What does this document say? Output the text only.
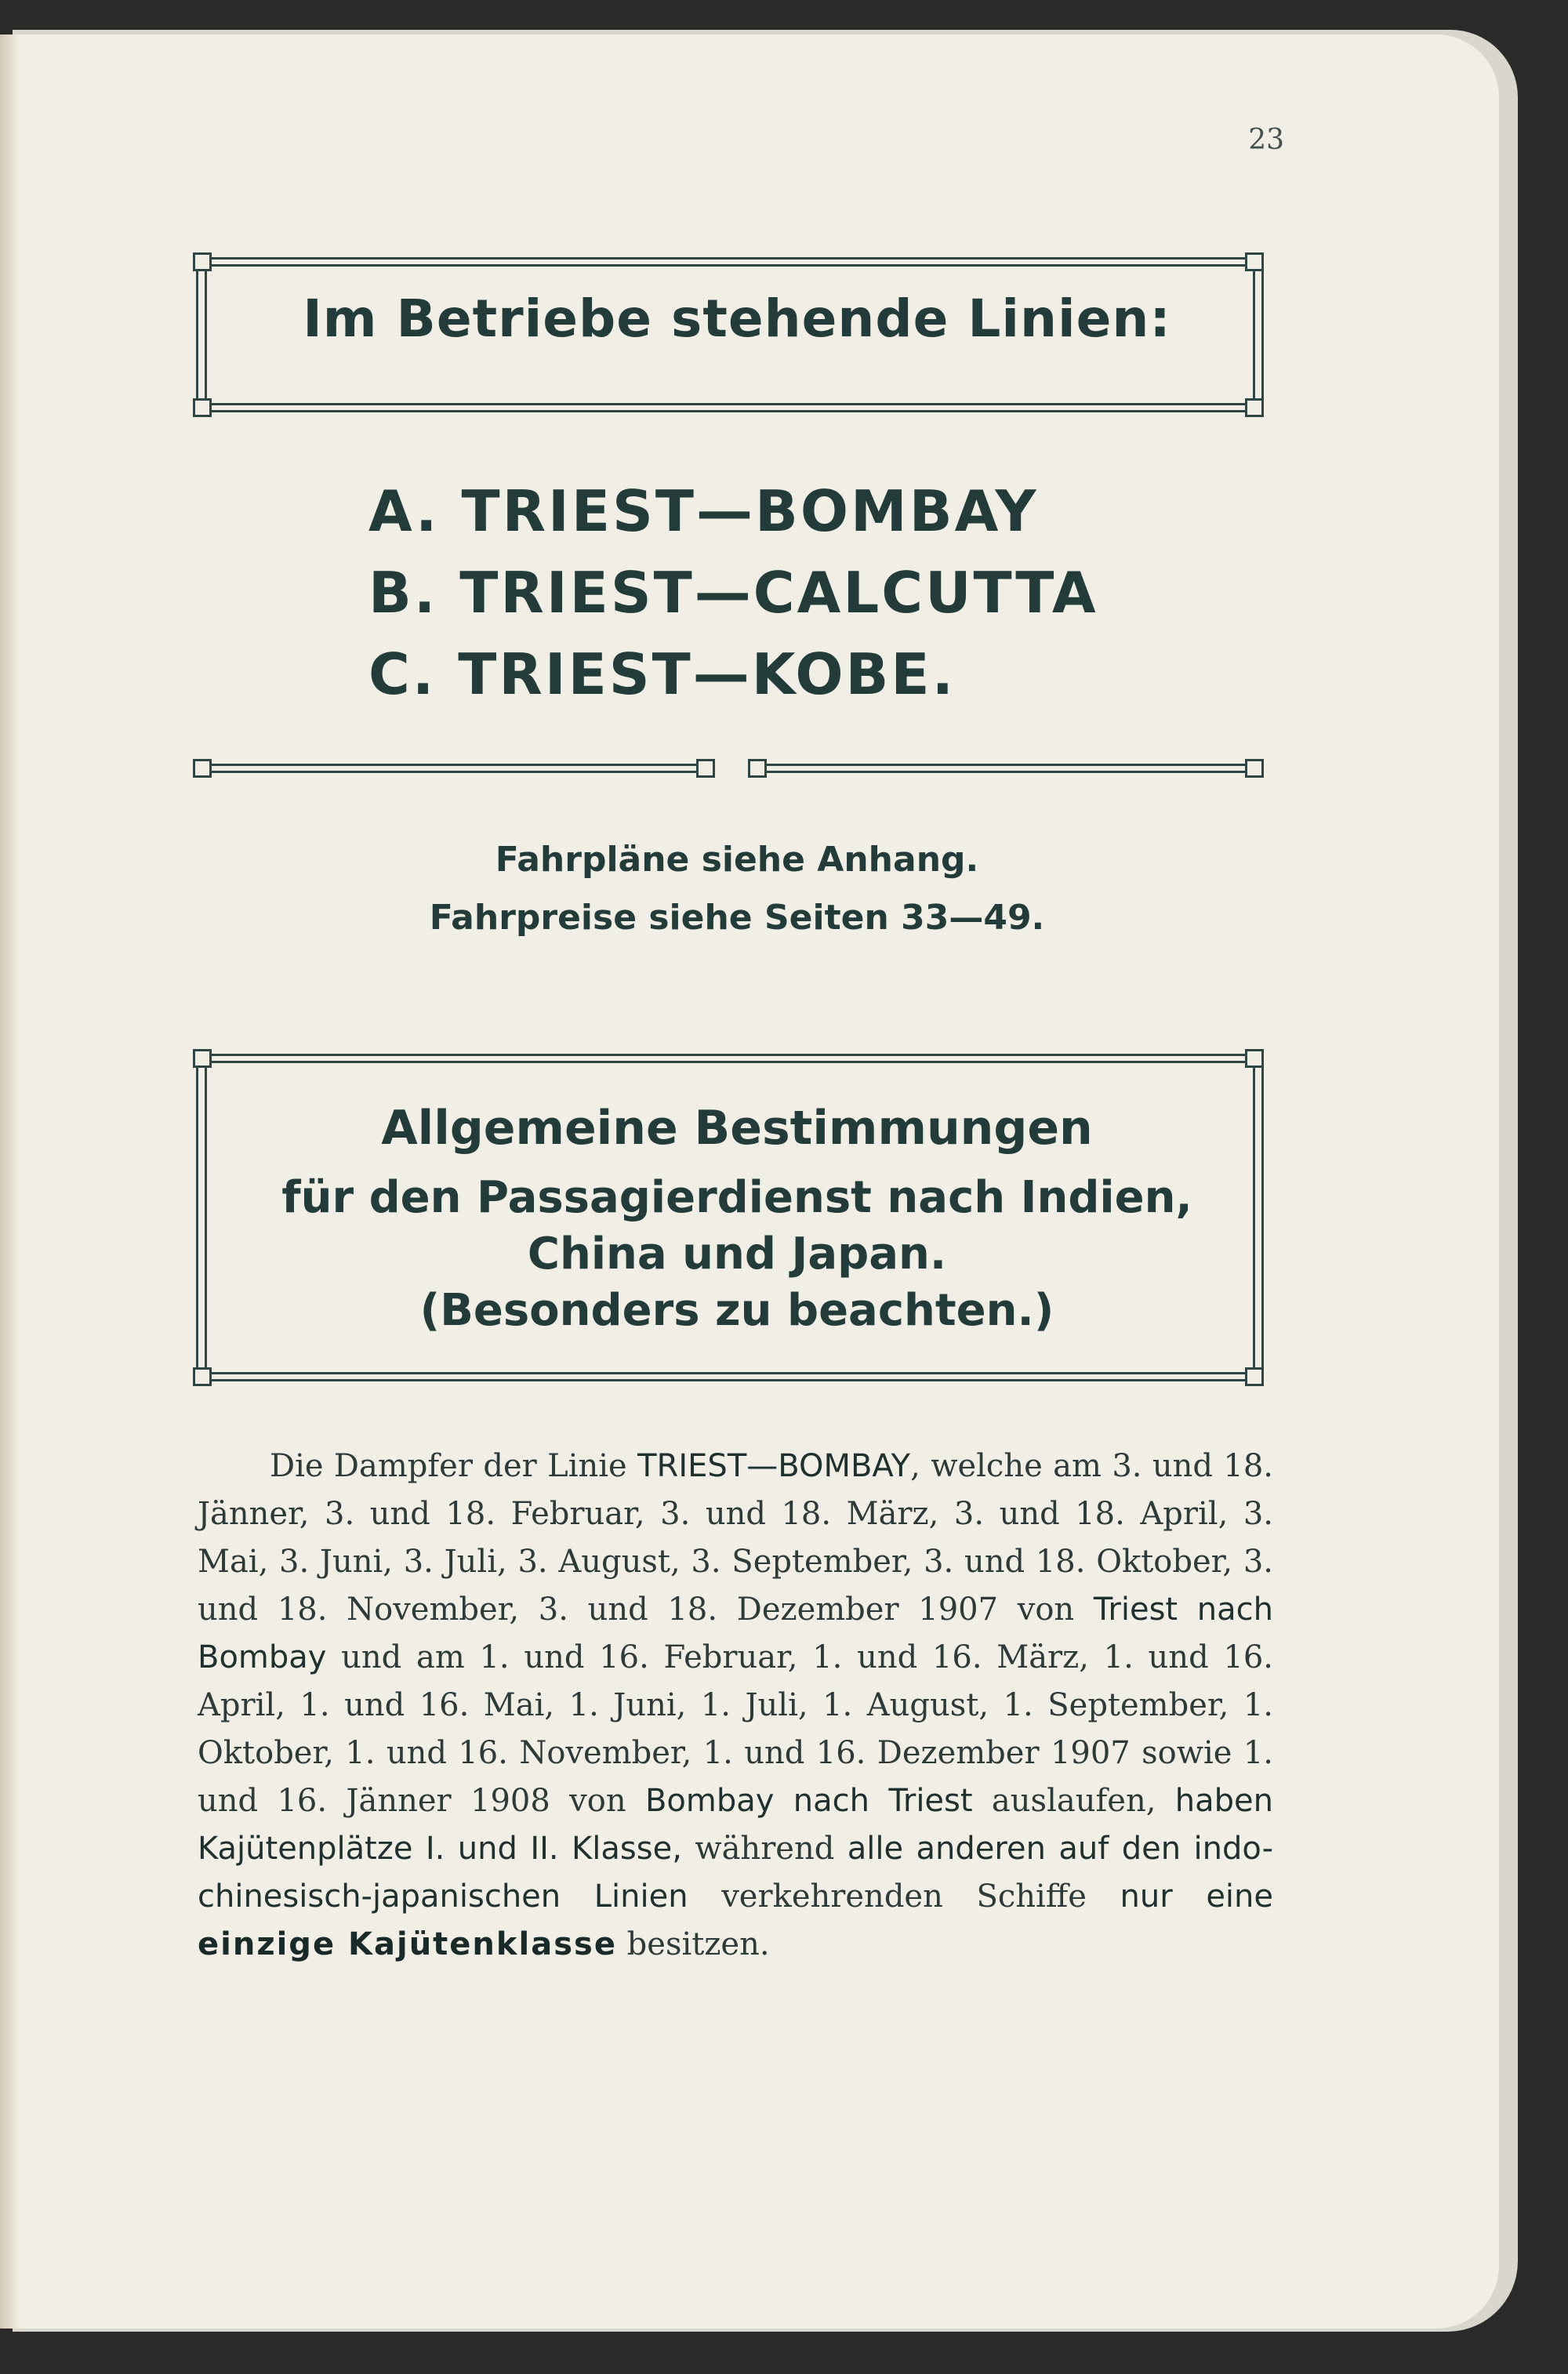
23
Im Betriebe stehende Linien:
A. TRIEST—BOMBAY
B. TRIEST—CALCUTTA
C. TRIEST—KOBE.
Fahrpläne siehe Anhang.
Fahrpreise siehe Seiten 33—49.
Allgemeine Bestimmungen
für den Passagierdienst nach Indien,
China und Japan.
(Besonders zu beachten.)

Die Dampfer der Linie TRIEST—BOMBAY, welche am 3. und 18. Jänner, 3. und 18. Februar, 3. und 18. März, 3. und 18. April, 3. Mai, 3. Juni, 3. Juli, 3. August, 3. September, 3. und 18. Oktober, 3. und 18. November, 3. und 18. Dezember 1907 von Triest nach Bombay und am 1. und 16. Februar, 1. und 16. März, 1. und 16. April, 1. und 16. Mai, 1. Juni, 1. Juli, 1. August, 1. September, 1. Oktober, 1. und 16. November, 1. und 16. Dezember 1907 sowie 1. und 16. Jänner 1908 von Bombay nach Triest auslaufen, haben Kajütenplätze I. und II. Klasse, während alle anderen auf den indo-chinesisch-japanischen Linien verkehrenden Schiffe nur eine einzige Kajütenklasse besitzen.
